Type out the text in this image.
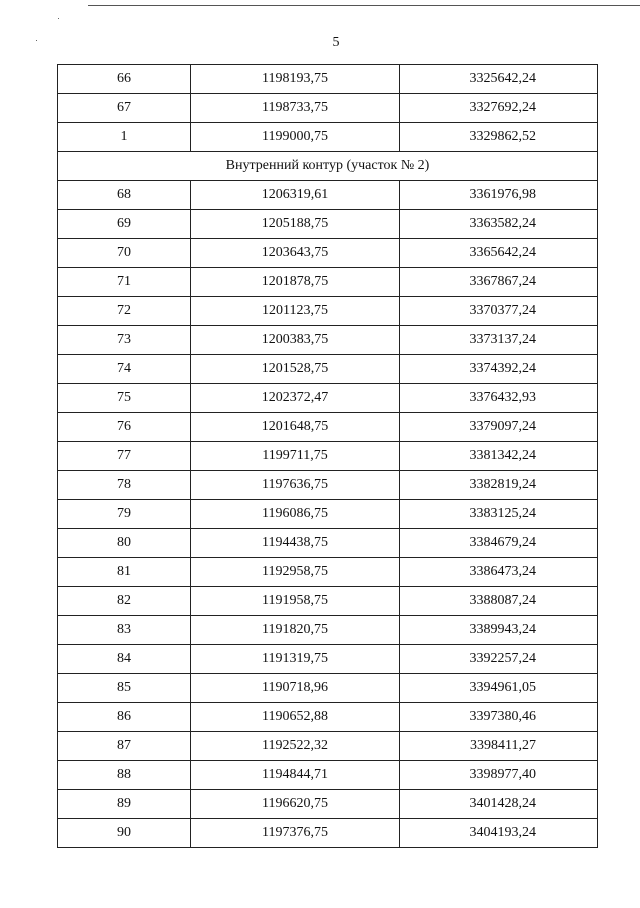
5
66	1198193,75	3325642,24
67	1198733,75	3327692,24
1	1199000,75	3329862,52
Внутренний контур (участок № 2)		
68	1206319,61	3361976,98
69	1205188,75	3363582,24
70	1203643,75	3365642,24
71	1201878,75	3367867,24
72	1201123,75	3370377,24
73	1200383,75	3373137,24
74	1201528,75	3374392,24
75	1202372,47	3376432,93
76	1201648,75	3379097,24
77	1199711,75	3381342,24
78	1197636,75	3382819,24
79	1196086,75	3383125,24
80	1194438,75	3384679,24
81	1192958,75	3386473,24
82	1191958,75	3388087,24
83	1191820,75	3389943,24
84	1191319,75	3392257,24
85	1190718,96	3394961,05
86	1190652,88	3397380,46
87	1192522,32	3398411,27
88	1194844,71	3398977,40
89	1196620,75	3401428,24
90	1197376,75	3404193,24
